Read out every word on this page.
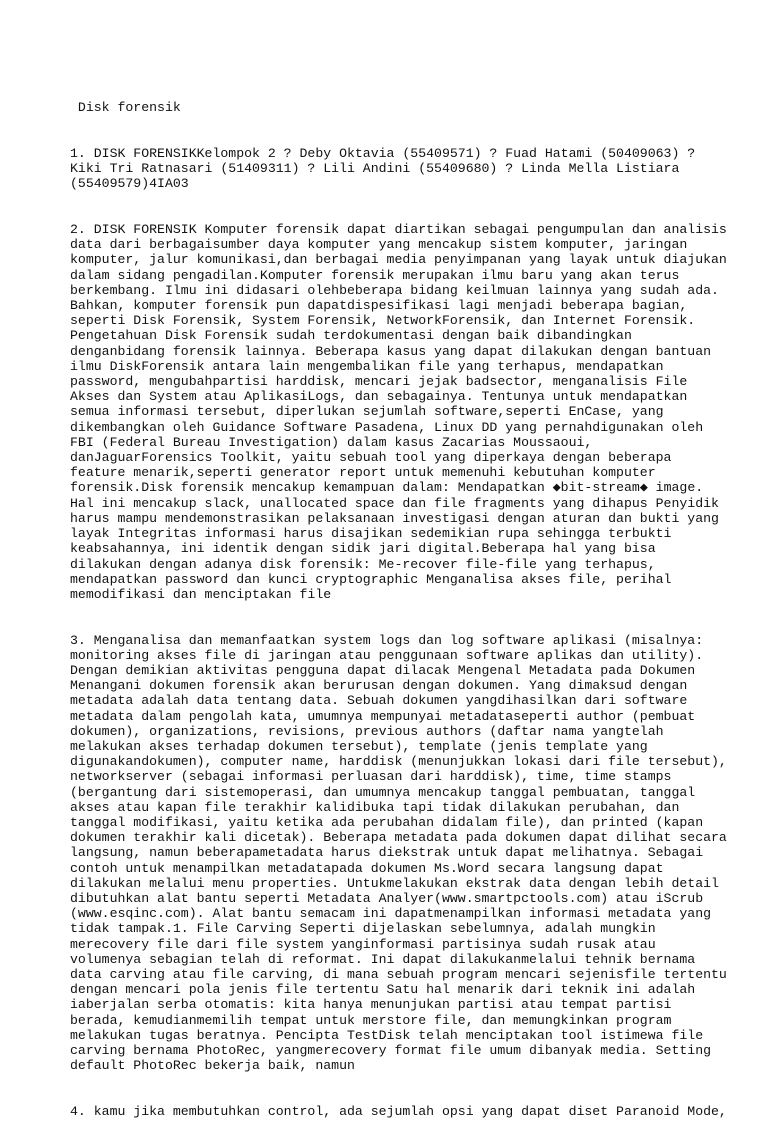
Disk forensik

1. DISK FORENSIKKelompok 2 ? Deby Oktavia (55409571) ? Fuad Hatami (50409063) ?
Kiki Tri Ratnasari (51409311) ? Lili Andini (55409680) ? Linda Mella Listiara
(55409579)4IA03

2. DISK FORENSIK Komputer forensik dapat diartikan sebagai pengumpulan dan analisis
data dari berbagaisumber daya komputer yang mencakup sistem komputer, jaringan
komputer, jalur komunikasi,dan berbagai media penyimpanan yang layak untuk diajukan
dalam sidang pengadilan.Komputer forensik merupakan ilmu baru yang akan terus
berkembang. Ilmu ini didasari olehbeberapa bidang keilmuan lainnya yang sudah ada.
Bahkan, komputer forensik pun dapatdispesifikasi lagi menjadi beberapa bagian,
seperti Disk Forensik, System Forensik, NetworkForensik, dan Internet Forensik.
Pengetahuan Disk Forensik sudah terdokumentasi dengan baik dibandingkan
denganbidang forensik lainnya. Beberapa kasus yang dapat dilakukan dengan bantuan
ilmu DiskForensik antara lain mengembalikan file yang terhapus, mendapatkan
password, mengubahpartisi harddisk, mencari jejak badsector, menganalisis File
Akses dan System atau AplikasiLogs, dan sebagainya. Tentunya untuk mendapatkan
semua informasi tersebut, diperlukan sejumlah software,seperti EnCase, yang
dikembangkan oleh Guidance Software Pasadena, Linux DD yang pernahdigunakan oleh
FBI (Federal Bureau Investigation) dalam kasus Zacarias Moussaoui,
danJaguarForensics Toolkit, yaitu sebuah tool yang diperkaya dengan beberapa
feature menarik,seperti generator report untuk memenuhi kebutuhan komputer
forensik.Disk forensik mencakup kemampuan dalam: Mendapatkan ◆bit-stream◆ image.
Hal ini mencakup slack, unallocated space dan file fragments yang dihapus Penyidik
harus mampu mendemonstrasikan pelaksanaan investigasi dengan aturan dan bukti yang
layak Integritas informasi harus disajikan sedemikian rupa sehingga terbukti
keabsahannya, ini identik dengan sidik jari digital.Beberapa hal yang bisa
dilakukan dengan adanya disk forensik: Me-recover file-file yang terhapus,
mendapatkan password dan kunci cryptographic Menganalisa akses file, perihal
memodifikasi dan menciptakan file

3. Menganalisa dan memanfaatkan system logs dan log software aplikasi (misalnya:
monitoring akses file di jaringan atau penggunaan software aplikas dan utility).
Dengan demikian aktivitas pengguna dapat dilacak Mengenal Metadata pada Dokumen
Menangani dokumen forensik akan berurusan dengan dokumen. Yang dimaksud dengan
metadata adalah data tentang data. Sebuah dokumen yangdihasilkan dari software
metadata dalam pengolah kata, umumnya mempunyai metadataseperti author (pembuat
dokumen), organizations, revisions, previous authors (daftar nama yangtelah
melakukan akses terhadap dokumen tersebut), template (jenis template yang
digunakandokumen), computer name, harddisk (menunjukkan lokasi dari file tersebut),
networkserver (sebagai informasi perluasan dari harddisk), time, time stamps
(bergantung dari sistemoperasi, dan umumnya mencakup tanggal pembuatan, tanggal
akses atau kapan file terakhir kalidibuka tapi tidak dilakukan perubahan, dan
tanggal modifikasi, yaitu ketika ada perubahan didalam file), dan printed (kapan
dokumen terakhir kali dicetak). Beberapa metadata pada dokumen dapat dilihat secara
langsung, namun beberapametadata harus diekstrak untuk dapat melihatnya. Sebagai
contoh untuk menampilkan metadatapada dokumen Ms.Word secara langsung dapat
dilakukan melalui menu properties. Untukmelakukan ekstrak data dengan lebih detail
dibutuhkan alat bantu seperti Metadata Analyer(www.smartpctools.com) atau iScrub
(www.esqinc.com). Alat bantu semacam ini dapatmenampilkan informasi metadata yang
tidak tampak.1. File Carving Seperti dijelaskan sebelumnya, adalah mungkin
merecovery file dari file system yanginformasi partisinya sudah rusak atau
volumenya sebagian telah di reformat. Ini dapat dilakukanmelalui tehnik bernama
data carving atau file carving, di mana sebuah program mencari sejenisfile tertentu
dengan mencari pola jenis file tertentu Satu hal menarik dari teknik ini adalah
iaberjalan serba otomatis: kita hanya menunjukan partisi atau tempat partisi
berada, kemudianmemilih tempat untuk merstore file, dan memungkinkan program
melakukan tugas beratnya. Pencipta TestDisk telah menciptakan tool istimewa file
carving bernama PhotoRec, yangmerecovery format file umum dibanyak media. Setting
default PhotoRec bekerja baik, namun

4. kamu jika membutuhkan control, ada sejumlah opsi yang dapat diset Paranoid Mode,
